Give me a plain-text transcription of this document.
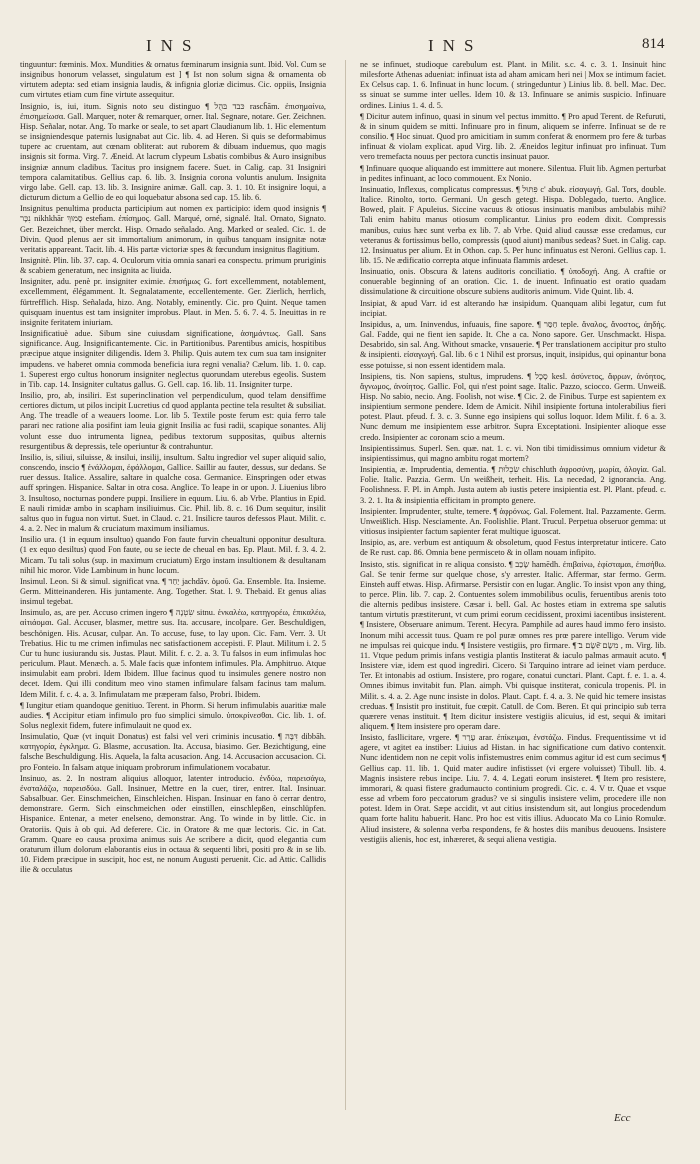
INS	INS	814

tinguuntur: fœminis. Mox. Mundities & ornatus fœminarum insignia sunt. Ibid. Vol. Cum se insignibus honorum velasset, singulatum est ] ¶ Ist non solum signa & ornamenta ob virtutem adepta: sed etiam insignia laudis, & infignia gloriæ dicimus. Cic. oppiis, Insignia cum virtutes etiam cum fine virtute assequitur.

Insignio, is, iui, itum. Signis noto seu distinguo ¶ כּבד בּהֻל rasch̄ām. ἐπισημαίνω, ἐπισημείωσα. Gall. Marquer, noter & remarquer, orner. Ital. Segnare, notare. Ger. Zeichnen. Hisp. Señalar, notar. Ang. To marke or seale, to set apart Claudianum lib. 1. Hic elementum se insigniendesque paternis lusignabat aut Cic. lib. 4. ad Heren. Si quis se deformabimus tupere ac cruentam, aut cœnam obliterat: aut ruborem & dibuam induemus, quo magis insignis sit forma. Virg. 7. Æneid. At lacrum clypeum Lsbatis combibus & Auro insignibus insigniæ annum cladibus. Tacitus pro insignem facere. Suet. in Calig. cap. 31 Insigniri tempora calamitatibus. Gellius cap. 6. lib. 3. Insignia corona voluntis anulum. Insignita virgo labe. Gell. cap. 13. lib. 3. Insignire animæ. Gall. cap. 3. 1. 10. Et insignire loqui, a dicturum dictum a Gellio de eo qui loquebatur absona sed cap. 15. lib. 6.

Insignitus penultima producta participium aut nomen ex participio: idem quod insignis ¶ נִכָּר nikhkhār סָמוּךְ esteh̄am. ἐπίσημος. Gall. Marqué, orné, signalé. Ital. Ornato, Signato. Ger. Bezeichnet, über merckt. Hisp. Ornado señalado. Ang. Marked or sealed. Cic. 1. de Divin. Quod plenus aer sit immortalium animorum, in quibus tanquam insignitæ notæ veritatis appareant. Tacit. lib. 4. His partæ victoriæ spes & fœcundum insignitus flagitium.

Insignitè. Plin. lib. 37. cap. 4. Oculorum vitia omnia sanari ea conspectu. primum pruriginis & scabiem generatum, nec insignita ac liuida.

Insigniter, adu. penè pr. insigniter eximie. ἐπισήμως G. fort excellemment, notablement, excellemment, élégamment. It. Segnalatamente, eccellentemente. Ger. Zierlich, herrlich, fürtrefflich. Hisp. Señalada, hizo. Ang. Notably, eminently. Cic. pro Quint. Neque tamen quisquam inuentus est tam insigniter improbus. Plaut. in Men. 5. 6. 7. 4. 5. Ineuittas in re insignite feritatem iniuriam.

Insignificatiuè adue. Sibum sine cuiusdam significatione, ἀσημάντως. Gall. Sans significance. Aug. Insignificantemente. Cic. in Partitionibus. Parentibus amicis, hospitibus præcipue atque insigniter diligendis. Idem 3. Philip. Quis autem tex cum sua tam insigniter impudens. ve haberet omnia commoda beneficia iura regni venalia? Cælum. lib. 1. 0. cap. 1. Superest ergo cultus honorum insigniter neglectus quorundam uterebus egeolis. Sustem in Tib. cap. 14. Insigniter cultatus gallus. G. Gell. cap. 16. lib. 11. Insigniter turpe.

Insilio, pro, ab, insiliri. Est superinclination vel perpendiculum, quod telam densiffime certiores dictum, ut pilos incipit Lucretius cd quod applanta pectine tela resultet & subsiliat. Ang. The treadle of a weauers loome. Lor. lib 5. Textile poste ferum est: quia ferro tale parari nec ratione alia posifint iam leuia gignit Insilia ac fusi radii, scapique sonantes. Alij volunt esse duo intrumenta lignea, pedibus textorum suppositas, quibus alternis resurgentibus & depressis, tele operiuntur & contrahuntur.

Insilio, is, siliui, siluisse, & insilui, insilij, insultum. Saltu ingredior vel super aliquid salio, conscendo, inscio ¶ ἐνάλλομαι, ἐφάλλομαι, Gallice. Saillir au fauter, dessus, sur dedans. Se ruer dessus. Italice. Assalire, saltare in qualche cosa. Germanice. Einspringen oder etwas auff springen. Hispanice. Saltar in otra cosa. Anglice. To leape in or upon. J. Liuenius libro 3. Insultoso, nocturnas pondere puppi. Insiliere in equum. Liu. 6. ab Vrbe. Plantius in Epid. E nauli rimidæ ambo in scapham insiliuimus. Cic. Phil. lib. 8. c. 16 Dum sequitur, insilit saltus quo in fugua non virtut. Suet. in Claud. c. 21. Insilicre tauros defessos Plaut. Milit. c. 4. a. 2. Nec in malum & cruciatum maximum insiliamus.

Insilio ura. (1 in equum insultuo) quando Fon faute furvin cheualtuni opponitur desultura. (1 ex equo desiltus) quod Fon faute, ou se iecte de cheual en bas. Ep. Plaut. Mil. f. 3. 4. 2. Micam. Tu tali solus (sup. in maximum cruciatum) Ergo instam insultionem & desultanam nihil hic moror. Vide Lambinum in hunc locum.

Insimul. Leon. Si & simul. significat vna. ¶ יַחַד jachdāv. ὁμοῦ. Ga. Ensemble. Ita. Insieme. Germ. Mitteinanderen. His juntamente. Ang. Together. Stat. l. 9. Thebaid. Et genus alias insimul tegebat.

Insimulo, as, are per. Accuso crimen ingero ¶ שִׂטְנָה sitnu. ἐνκαλέω, κατηγορέω, ἐπικαλέω, αἰτιάομαι. Gal. Accuser, blasmer, mettre sus. Ita. accusare, incolpare. Ger. Beschuldigen, beschönigen. His. Acusar, culpar. An. To accuse, fuse, to lay upon. Cic. Fam. Verr. 3. Ut Trebatius. Hic tu me crimen infimulas nec satisfactionem accepisti. F. Plaut. Militum i. 2. 5 Cur tu hunc iusiurandu sis. Justas. Plaut. Milit. f. c. 2. a. 3. Tu falsos in eum infimulas hoc periculum. Plaut. Menæch. a. 5. Male facis quæ infontem infimules. Pla. Amphitruo. Atque insimulabit eam probri. Idem Ibidem. Illue facinus quod tu insimules genere nostro non decet. Idem. Qui illi conditum meo vino stamen infimulare falsam facinus tam malum. Idem Milit. f. c. 4. a. 3. Infimulatam me præperam falso, Probri. Ibidem.

¶ Iungitur etiam quandoque genitiuo. Terent. in Phorm. Si herum infimulabis auaritiæ male audies. ¶ Accipitur etiam infimulo pro fuo simplici simulo. ὑποκρίνεσθαι. Cic. lib. 1. of. Solus neglexit fidem, futere infimulauit ne quod ex.

Insimulatio, Quæ (vt inquit Donatus) est falsi vel veri criminis incusatio. ¶ דִּבָּה dibbāh. κατηγορία, ἐγκλημα. G. Blasme, accusation. Ita. Accusa, biasimo. Ger. Bezichtigung, eine falsche Beschuldigung. His. Aquela, la falta acusacion. Ang. 14. Accusacion accusacion. Ci. pro Fonteio. In falsam atque iniquam probrorum infimulationem vocabatur.

Insinuo, as. 2. In nostram aliquius alloquor, latenter introducio. ἐνδύω, παρεισάγω, ἐνσταλάζω, παρεισδύω. Gall. Insinuer, Mettre en la cuer, tirer, entrer. Ital. Insinuar. Sabsalbuar. Ger. Einschmeichen, Einschleichen. Hispan. Insinuar en fano ò cerrar dentro, demonstrare. Germ. Sich einschmeichen oder einstillen, einschlepßen, einschlüpfen. Hispanice. Entenar, a meter enelseno, demonstrar. Ang. To winde in by little. Cic. in Oratoriis. Quis à ob qui. Ad deferere. Cic. in Oratore & me quæ lectoris. Cic. in Cat. Gramm. Quare eo causa proxima animus suis Ae scribere a dicit, quod elegantia cum oraturum illum dolorum elaborantis eius in octaua & sequenti libri, positi pro & in se lib. 10. Fidem præcipue in suscipit, hoc est, ne nonum Augusti peruenit. Cic. ad Attic. Callidis ilie & occulatus

ne se infinuet, studioque carebulum est. Plant. in Milit. s.c. 4. c. 3. 1. Insinuit hinc milesforte Athenas adueniat: infinuat ista ad aham amicam heri nei | Mox se intimum faciet. Ex Celsus cap. 1. 6. Infinuat in hunc locum. ( stringeduntur ) Linius lib. 8. bell. Mac. Dec. ss sinuat se summe inter uelles. Idem 10. & 13. Infinuare se animis suspicio. Infinuare ordines. Linius 1. 4. d. 5.

¶ Dicitur autem infinuo, quasi in sinum vel pectus immitto. ¶ Pro apud Terent. de Refuruti, & in sinum quidem se mitti. Infinuare pro in finum, aliquem se inferre. Infinuat se de re consilio. ¶ Hoc sinuat. Quod pro amicitiam in summ conferat & enormem pro fere & turbas infinuat & violam explicat. apud Virg. lib. 2. Æneidos legitur infinuat pro infinuat. Tum vero tremefacta nouus per pectora cunctis insinuat pauor.

¶ Infinuare quoque aliquando est immittere aut monere. Silentua. Fluit lib. Agmen perturbat in pedites infinuant, ac loco commouent. Ex Nonio.

Insinuatio, Inflexus, complicatus compressus. ¶ פִּתּוּל c' abuk. εἰσαγωγή. Gal. Tors, double. Italice. Rinolto, torto. Germani. Un gesch getegt. Hispa. Doblegado, tuerto. Anglice. Bowed, plait. F Apuleius. Siccine vacuus & otiosus insinuatis manibus ambulabis mihi? Tali enim habitu manus otiosum complicantur. Linius pro eodem dixit. Compressis manibus, cuius hæc sunt verba ex lib. 7. ab Vrbe. Quid aliud caussæ esse credamus, cur veteranus & fortissimus bello, compressis (quod aiunt) manibus sedeas? Suet. in Calig. cap. 12. Insinuatus per alium. Et in Othon. cap. 5. Per hunc infinuatus est Neroni. Gellius cap. 1. lib. 15. Ne ædificatio correpta atque infinuata flammis ardeset.

Insinuatio, onis. Obscura & latens auditoris conciliatio. ¶ ὑποδοχή. Ang. A craftie or conuerable beginning of an oration. Cic. 1. de inuent. Infinuatio est oratio quadam dissimulatione & circuitione obscure subiens auditoris animum. Vide Quint. lib. 4.

Insipiat, & apud Varr. id est alterando hæ insipidum. Quanquam alibi legatur, cum fut incipiat.

Insipidus, a, um. Ininvendus, infuauis, fine sapore. ¶ חַסַּר teple. ἄναλος, ἄνοστος, ἀηδής. Gal. Fadde, qui ne fient ien sapide. It. Che a ca. Nono sapore. Ger. Unschmackt. Hispa. Desabrido, sin sal. Ang. Without smacke, vnsauerie. ¶ Per translationem accipitur pro stulto & insipienti. εἰσαγωγή. Gal. lib. 6 c 1 Nihil est prorsus, inquit, insipidus, qui opinantur bona esse potuisse, si non essent identidem mala.

Insipiens, tis. Non sapiens, stultus, imprudens. ¶ סָכָל kesl. ἀσύνετος, ἄφρων, ἀνόητος, ἄγνωμος, ἀνοίητος. Gallic. Fol, qui n'est point sage. Italic. Pazzo, sciocco. Germ. Unweiß. Hisp. No sabio, necio. Ang. Foolish, not wise. ¶ Cic. 2. de Finibus. Turpe est sapientem ex insipientium sermone pendere. Idem de Amicit. Nihil insipiente fortuna intolerabilius fieri potest. Plaut. pfeud. f. 3. c. 3. Sunne ego insipiens qui sollus loquor. Idem Milit. f. 6 a. 3. Nunc demum me insipientem esse arbitror. Supra Exceptationi. Insipienter alioque esse credo. Insipienter ac coronam scio a meum.

Insipientissimus. Superl. Sen. quæ. nat. 1. c. vi. Non tibi timidissimus omnium videtur & insipientissimus, qui magno ambitu rogat mortem?

Insipientia, æ. Imprudentia, dementia. ¶ שִׂכְלוּת chischluth ἀφροσύνη, μωρία, ἀλογία. Gal. Folie. Italic. Pazzia. Germ. Un weißheit, terheit. His. La necedad, 2 ignorancia. Ang. Foolishness. F. Pl. in Amph. Justa autem ab iustis petere insipientia est. Pl. Plant. pfeud. c. 3. 2. 1. Ita & insipientia efficitam in prompto genere.

Insipienter. Imprudenter, stulte, temere. ¶ ἀφρόνως. Gal. Folement. Ital. Pazzamente. Germ. Unweißlich. Hisp. Nesciamente. An. Foolishlie. Plant. Trucul. Perpetua obseruor gemma: ut vitiosus insipienter factum sapienter ferat multique iguoscat.

Insipio, as, are. verbum est antiquum & obsoletum, quod Festus interpretatur inticere. Cato de Re rust. cap. 86. Omnia bene permisceto & in ollam nouam infipito.

Insisto, stis. significat in re aliqua consisto. ¶ שָׂכַב hamēdh. ἐπιβαίνω, ἐφίσταμαι, ἐπισήθω. Gal. Se tenir ferme sur quelque chose, s'y arrester. Italic. Affermar, star fermo. Germ. Einsteh auff etwas. Hisp. Afirmarse. Persistir con en lugar. Anglic. To insist vpon any thing, to perce. Plin. lib. 7. cap. 2. Contuentes solem immobilibus oculis, feruentibus arenis toto die alternis pedibus insistere. Cæsar i. bell. Gal. Ac hostes etiam in extrema spe salutis tantum virtutis præstiterunt, vt cum primi eorum cecidissent, proximi iacentibus insisterent. ¶ Insistere, Obseruare animum. Terent. Hecyra. Pamphile ad aures haud immo fero insisto. Inonum mihi accessit tuus. Quam re pol puræ omnes res prœ parere intelligo. Verum vide ne impulsas rei quicque indu. ¶ Insistere vestigiis, pro firmare. ¶ שָׂם ב̄ē̄ מִשָׂם , m. Virg. lib. 11. Vtque pedum primis infans vestigia plantis Institerat & iaculo palmas armauit acuto. ¶ Insistere viæ, idem est quod ingrediri. Cicero. Si Tarquino intrare ad ieinet viam perduce. Ter. Et intonabis ad ostium. Insistere, pro rogare, conatui cunctari. Plant. Capt. f. e. 1. a. 4. Omnes ibimus invitabit fun. Plan. aimph. Vbi quisque institerat, conicula tropenis. Pl. in Milit. s. 4. a. 2. Age nunc insiste in dolos. Plaut. Capt. f. 4. a. 3. Ne quid hic temere insistas creduas. ¶ Insistit pro instituit, fue cœpit. Catull. de Com. Beren. Et qui principio sub terra quærere venas instituit. ¶ Item dicitur insistere vestigiis alicuius, id est, sequi & imitari aliquem. ¶ Item insistere pro operam dare.

Insisto, fasllicitare, vrgere. ¶ עָרַר arar. ἐπίκειμαι, ἐνστάζω. Findus. Frequentissime vt id agere, vt agitet ea instiber: Liuius ad Histan. in hac significatione cum dativo contenxit. Nunc identidem non ne cepit volis infistemustres enim commus agitur id est cum secimus ¶ Gellius cap. 11. lib. 1. Quid mater audire infistisset (vi ergere voluisset) Tibull. lib. 4. Magnis insistere rebus incipe. Liu. 7. 4. 4. Legati eorum insisteret. ¶ Item pro resistere, immorari, & quasi fistere gradumaucto continium progredi. Cic. c. 4. V tr. Quae et vsque esse ad vrbem foro peccatorum gradus? ve si singulis insistere velim, procedere ille non potest. Idem in Orat. Sæpe accidit, vt aut citius insistendum sit, aut longius procedendum quam forte halitu habuerit. Hanc. Pro hoc est vitis illius. Aduocato Ma co Linio Romulœ. Aliud insistere, & solenna verba respondens, fe & hostes diis manibus deuouens. Insistere vestigiis alienis, hoc est, inhæreret, & sequi aliena vestigia.

Ecc
